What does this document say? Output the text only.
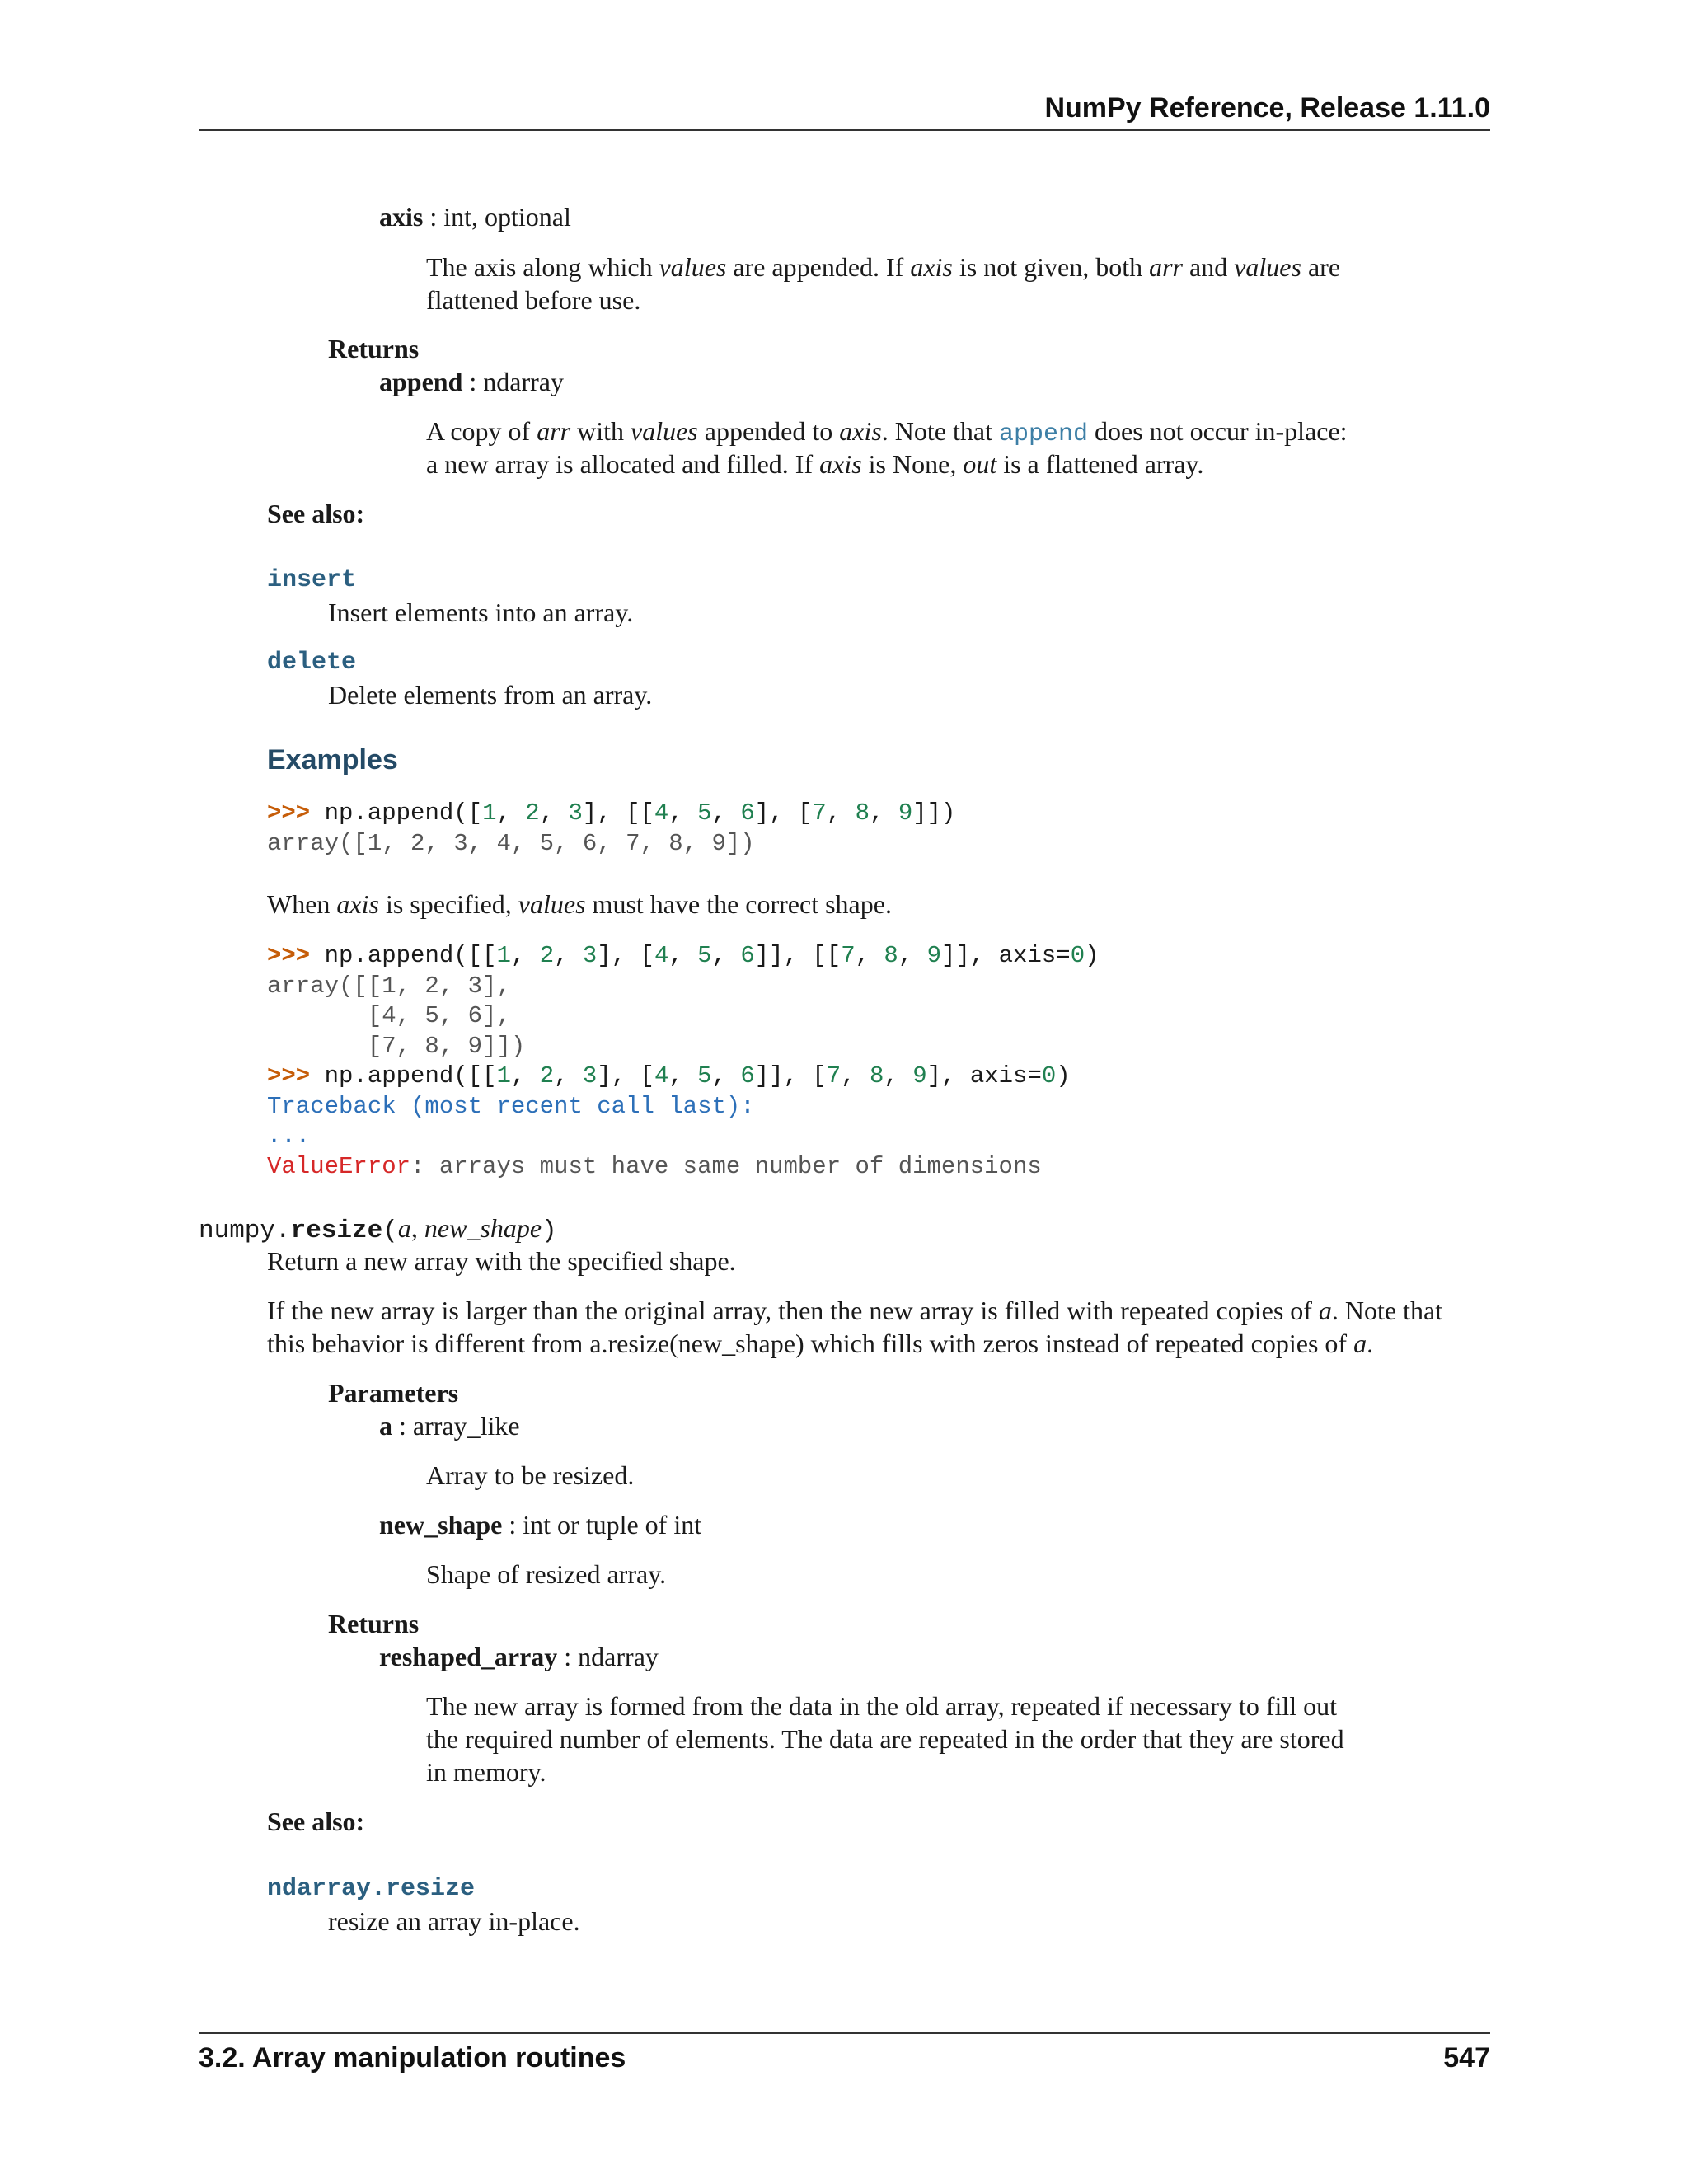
NumPy Reference, Release 1.11.0
axis : int, optional
The axis along which values are appended. If axis is not given, both arr and values are
flattened before use.
Returns
append : ndarray
A copy of arr with values appended to axis. Note that append does not occur in-place:
a new array is allocated and filled. If axis is None, out is a flattened array.
See also:
insert
Insert elements into an array.
delete
Delete elements from an array.
Examples
>>> np.append([1, 2, 3], [[4, 5, 6], [7, 8, 9]])
array([1, 2, 3, 4, 5, 6, 7, 8, 9])
When axis is specified, values must have the correct shape.
>>> np.append([[1, 2, 3], [4, 5, 6]], [[7, 8, 9]], axis=0)
array([[1, 2, 3],
[4, 5, 6],
[7, 8, 9]])
>>> np.append([[1, 2, 3], [4, 5, 6]], [7, 8, 9], axis=0)
Traceback (most recent call last):
...
ValueError: arrays must have same number of dimensions
numpy.resize(a, new_shape)
Return a new array with the specified shape.
If the new array is larger than the original array, then the new array is filled with repeated copies of a. Note that
this behavior is different from a.resize(new_shape) which fills with zeros instead of repeated copies of a.
Parameters
a : array_like
Array to be resized.
new_shape : int or tuple of int
Shape of resized array.
Returns
reshaped_array : ndarray
The new array is formed from the data in the old array, repeated if necessary to fill out
the required number of elements. The data are repeated in the order that they are stored
in memory.
See also:
ndarray.resize
resize an array in-place.
3.2. Array manipulation routines	547
